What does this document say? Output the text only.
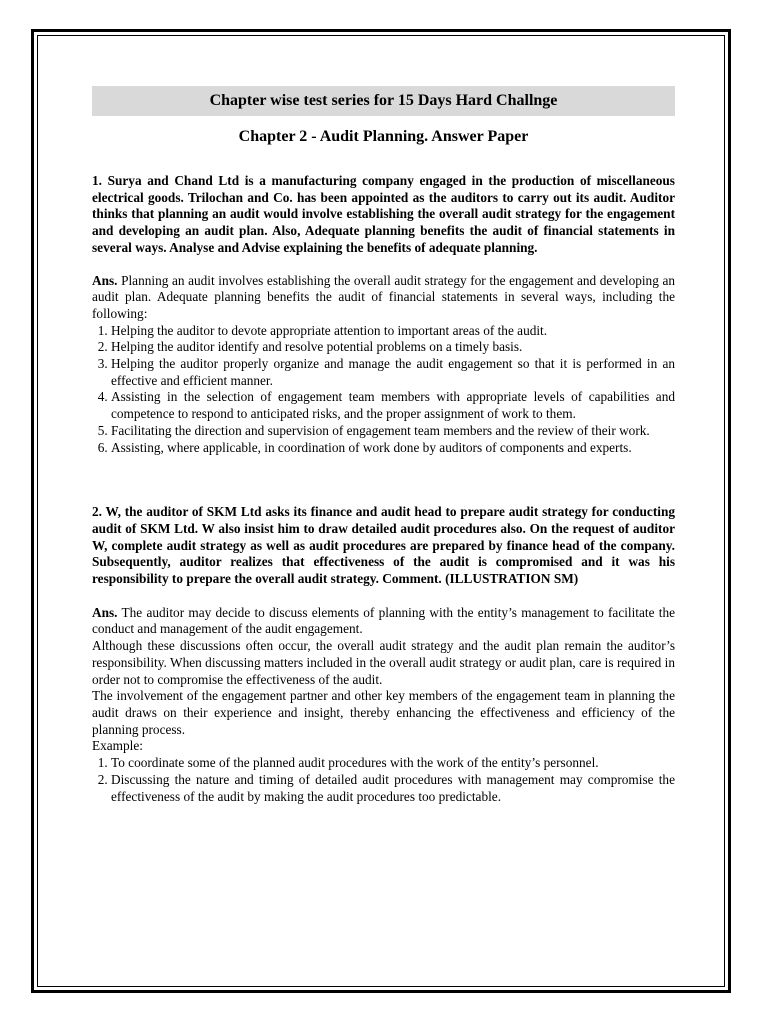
Chapter wise test series for 15 Days Hard Challnge
Chapter 2 - Audit Planning. Answer Paper
1. Surya and Chand Ltd is a manufacturing company engaged in the production of miscellaneous electrical goods. Trilochan and Co. has been appointed as the auditors to carry out its audit. Auditor thinks that planning an audit would involve establishing the overall audit strategy for the engagement and developing an audit plan. Also, Adequate planning benefits the audit of financial statements in several ways. Analyse and Advise explaining the benefits of adequate planning.
Ans. Planning an audit involves establishing the overall audit strategy for the engagement and developing an audit plan. Adequate planning benefits the audit of financial statements in several ways, including the following:
1. Helping the auditor to devote appropriate attention to important areas of the audit.
2. Helping the auditor identify and resolve potential problems on a timely basis.
3. Helping the auditor properly organize and manage the audit engagement so that it is performed in an effective and efficient manner.
4. Assisting in the selection of engagement team members with appropriate levels of capabilities and competence to respond to anticipated risks, and the proper assignment of work to them.
5. Facilitating the direction and supervision of engagement team members and the review of their work.
6. Assisting, where applicable, in coordination of work done by auditors of components and experts.
2. W, the auditor of SKM Ltd asks its finance and audit head to prepare audit strategy for conducting audit of SKM Ltd. W also insist him to draw detailed audit procedures also. On the request of auditor W, complete audit strategy as well as audit procedures are prepared by finance head of the company. Subsequently, auditor realizes that effectiveness of the audit is compromised and it was his responsibility to prepare the overall audit strategy. Comment. (ILLUSTRATION SM)
Ans. The auditor may decide to discuss elements of planning with the entity’s management to facilitate the conduct and management of the audit engagement.
Although these discussions often occur, the overall audit strategy and the audit plan remain the auditor’s responsibility. When discussing matters included in the overall audit strategy or audit plan, care is required in order not to compromise the effectiveness of the audit.
The involvement of the engagement partner and other key members of the engagement team in planning the audit draws on their experience and insight, thereby enhancing the effectiveness and efficiency of the planning process.
Example:
1. To coordinate some of the planned audit procedures with the work of the entity’s personnel.
2. Discussing the nature and timing of detailed audit procedures with management may compromise the effectiveness of the audit by making the audit procedures too predictable.
